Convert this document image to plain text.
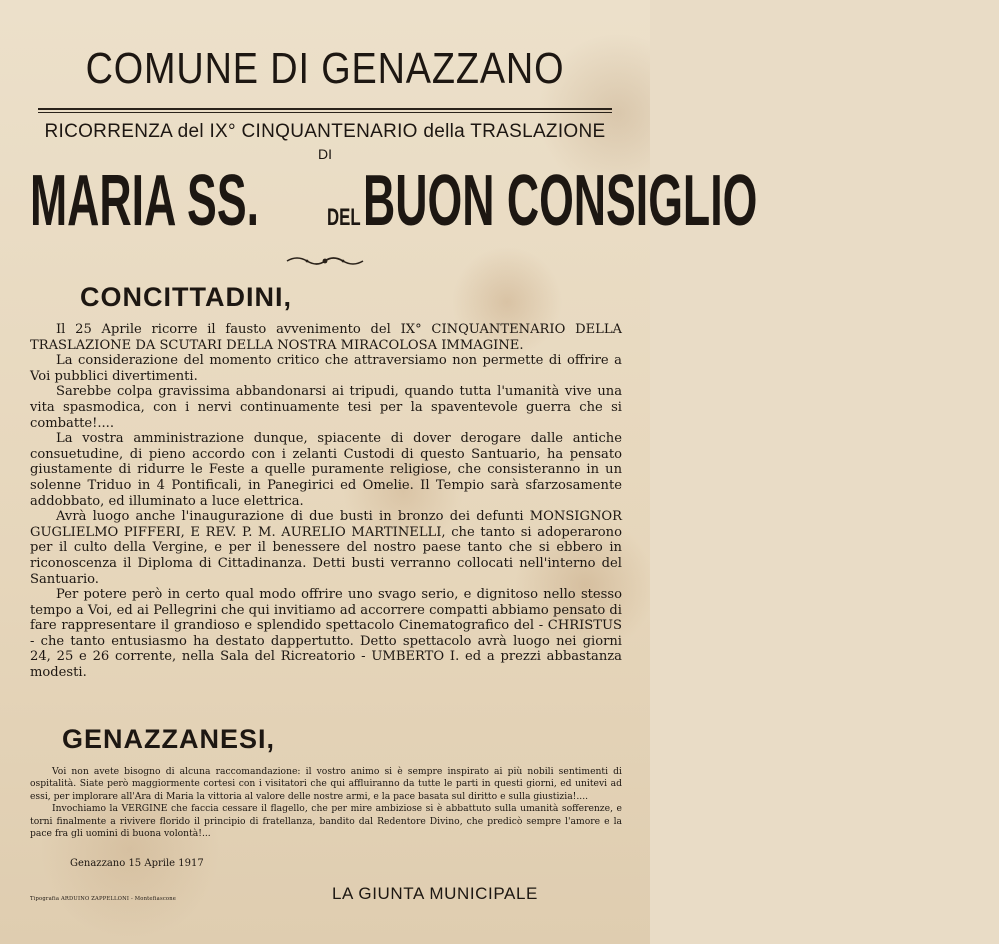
COMUNE DI GENAZZANO
RICORRENZA del IX° CINQUANTENARIO della TRASLAZIONE
DI
MARIA SS.	DELBUON CONSIGLIO
CONCITTADINI,

Il 25 Aprile ricorre il fausto avvenimento del IX° CINQUANTENARIO DELLA TRASLAZIONE DA SCUTARI DELLA NOSTRA MIRACOLOSA IMMAGINE.

La considerazione del momento critico che attraversiamo non permette di offrire a Voi pubblici divertimenti.

Sarebbe colpa gravissima abbandonarsi ai tripudi, quando tutta l'umanità vive una vita spasmodica, con i nervi continuamente tesi per la spaventevole guerra che si combatte!....

La vostra amministrazione dunque, spiacente di dover derogare dalle antiche consuetudine, di pieno accordo con i zelanti Custodi di questo Santuario, ha pensato giustamente di ridurre le Feste a quelle puramente religiose, che consisteranno in un solenne Triduo in 4 Pontificali, in Panegirici ed Omelie. Il Tempio sarà sfarzosamente addobbato, ed illuminato a luce elettrica.

Avrà luogo anche l'inaugurazione di due busti in bronzo dei defunti MONSIGNOR GUGLIELMO PIFFERI, E REV. P. M. AURELIO MARTINELLI, che tanto si adoperarono per il culto della Vergine, e per il benessere del nostro paese tanto che si ebbero in riconoscenza il Diploma di Cittadinanza. Detti busti verranno collocati nell'interno del Santuario.

Per potere però in certo qual modo offrire uno svago serio, e dignitoso nello stesso tempo a Voi, ed ai Pellegrini che qui invitiamo ad accorrere compatti abbiamo pensato di fare rappresentare il grandioso e splendido spettacolo Cinematografico del - CHRISTUS - che tanto entusiasmo ha destato dappertutto. Detto spettacolo avrà luogo nei giorni 24, 25 e 26 corrente, nella Sala del Ricreatorio - UMBERTO I. ed a prezzi abbastanza modesti.

GENAZZANESI,

Voi non avete bisogno di alcuna raccomandazione: il vostro animo si è sempre inspirato ai più nobili sentimenti di ospitalità. Siate però maggiormente cortesi con i visitatori che qui affluiranno da tutte le parti in questi giorni, ed unitevi ad essi, per implorare all'Ara di Maria la vittoria al valore delle nostre armi, e la pace basata sul diritto e sulla giustizia!....

Invochiamo la VERGINE che faccia cessare il flagello, che per mire ambiziose si è abbattuto sulla umanità sofferenze, e torni finalmente a rivivere florido il principio di fratellanza, bandito dal Redentore Divino, che predicò sempre l'amore e la pace fra gli uomini di buona volontà!...

Genazzano 15 Aprile 1917
Tipografia ARDUINO ZAPPELLONI - Montefiascone	LA GIUNTA MUNICIPALE
